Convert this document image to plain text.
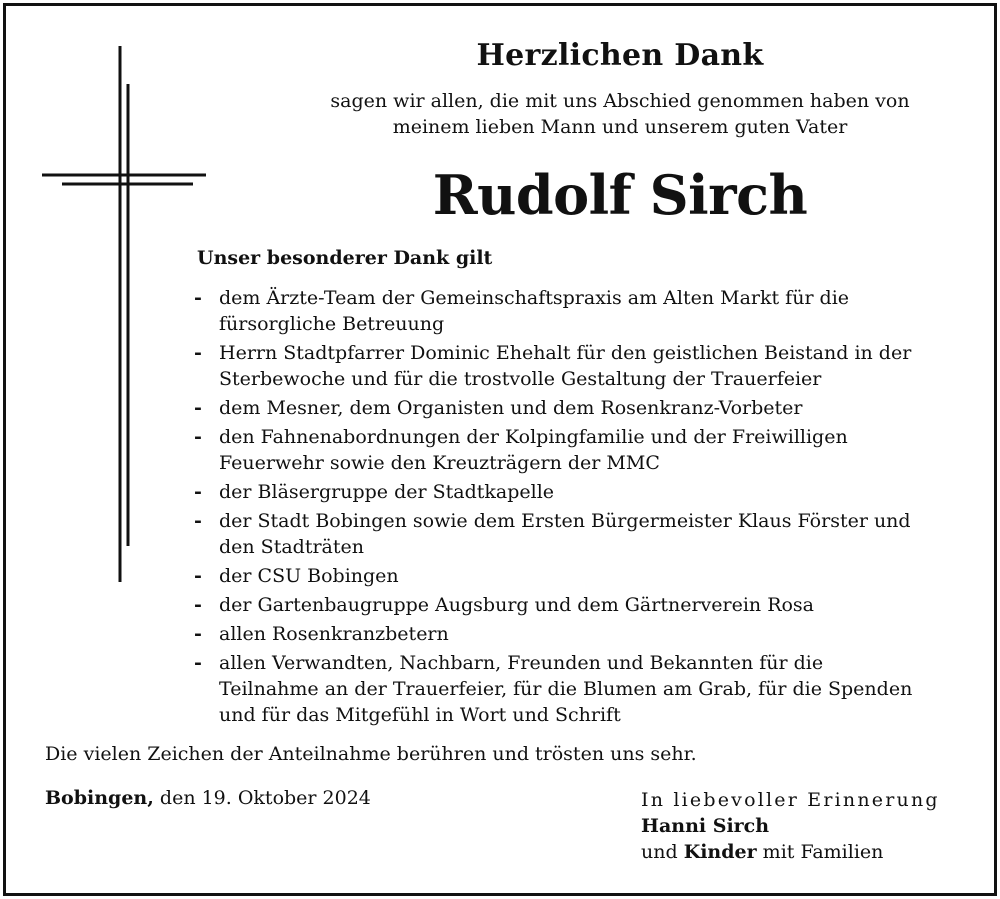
Herzlichen Dank
sagen wir allen, die mit uns Abschied genommen haben von
meinem lieben Mann und unserem guten Vater
Rudolf Sirch
Unser besonderer Dank gilt
- dem Ärzte-Team der Gemeinschaftspraxis am Alten Markt für die
fürsorgliche Betreuung
- Herrn Stadtpfarrer Dominic Ehehalt für den geistlichen Beistand in der
Sterbewoche und für die trostvolle Gestaltung der Trauerfeier
- dem Mesner, dem Organisten und dem Rosenkranz-Vorbeter
- den Fahnenabordnungen der Kolpingfamilie und der Freiwilligen
Feuerwehr sowie den Kreuzträgern der MMC
- der Bläsergruppe der Stadtkapelle
- der Stadt Bobingen sowie dem Ersten Bürgermeister Klaus Förster und
den Stadträten
- der CSU Bobingen
- der Gartenbaugruppe Augsburg und dem Gärtnerverein Rosa
- allen Rosenkranzbetern
- allen Verwandten, Nachbarn, Freunden und Bekannten für die
Teilnahme an der Trauerfeier, für die Blumen am Grab, für die Spenden
und für das Mitgefühl in Wort und Schrift
Die vielen Zeichen der Anteilnahme berühren und trösten uns sehr.
Bobingen, den 19. Oktober 2024	In liebevoller Erinnerung
Hanni Sirch
und Kinder mit Familien
